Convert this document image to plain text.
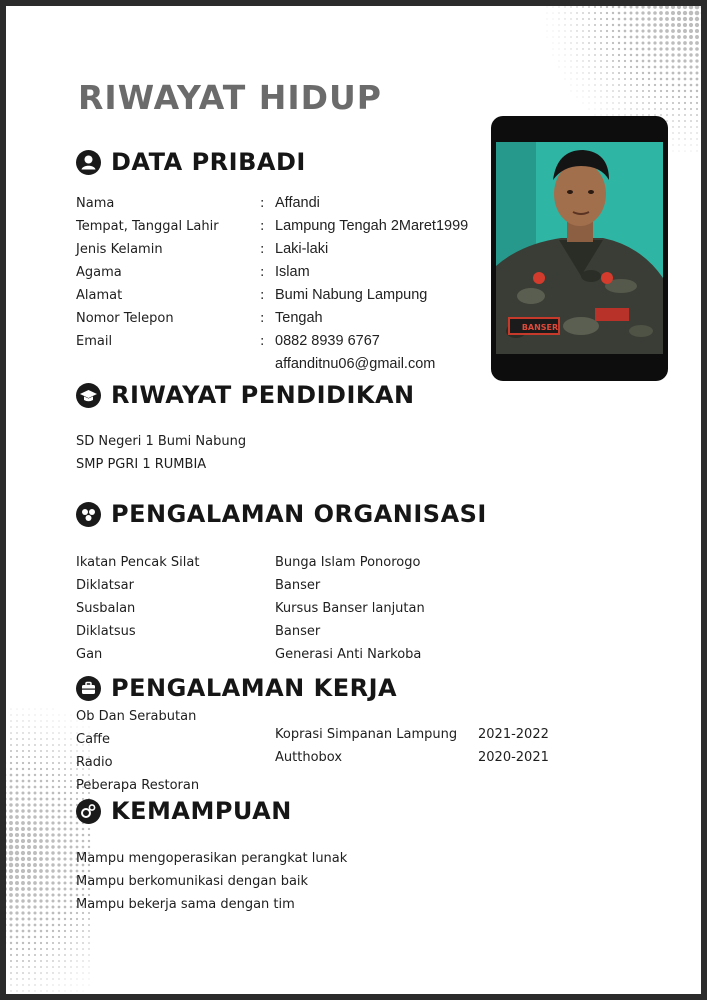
RIWAYAT HIDUP
DATA PRIBADI
Nama
Tempat, Tanggal Lahir
Jenis Kelamin
Agama
Alamat
Nomor Telepon
Email
:
:
:
:
:
:
:
Affandi
Lampung Tengah 2Maret1999
Laki-laki
Islam
Bumi Nabung Lampung
Tengah
0882 8939 6767
affanditnu06@gmail.com
BANSER
RIWAYAT PENDIDIKAN
SD Negeri 1 Bumi Nabung
SMP PGRI 1 RUMBIA
PENGALAMAN ORGANISASI
Ikatan Pencak Silat
Diklatsar
Susbalan
Diklatsus
Gan
Bunga Islam Ponorogo
Banser
Kursus Banser lanjutan
Banser
Generasi Anti Narkoba
PENGALAMAN KERJA
Ob Dan Serabutan
Caffe
Radio
Peberapa Restoran
Koprasi Simpanan Lampung
Autthobox
2021-2022
2020-2021
KEMAMPUAN
Mampu mengoperasikan perangkat lunak
Mampu berkomunikasi dengan baik
Mampu bekerja sama dengan tim
